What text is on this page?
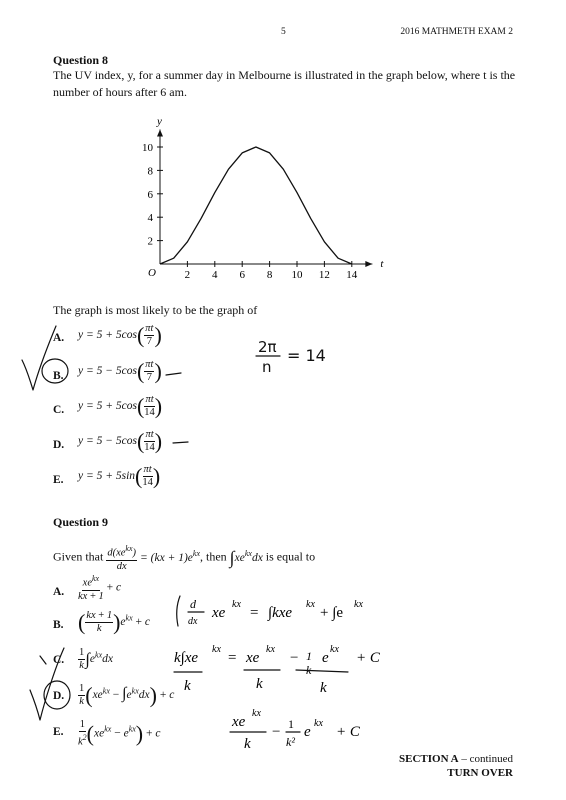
5	2016 MATHMETH EXAM 2
Question 8
The UV index, y, for a summer day in Melbourne is illustrated in the graph below, where t is the number of hours after 6 am.
t
y
O	2 4 6 8 10 12 14
2
4
6
8
10
The graph is most likely to be the graph of
A. $y = 5 + 5\cos( \frac{\pi t}{7}$ )
B. $y = 5 - 5\cos( \frac{\pi t}{7}$ )
C. $y = 5 + 5\cos( \frac{\pi t}{14}$ )
D. $y = 5 - 5\cos( \frac{\pi t}{14}$ )
E. $y = 5 + 5\sin( \frac{\pi t}{14}$ )
2π
n
= 14
Question 9
Given that $\frac{d(xe^{kx})}{dx} = (kx + 1)e^{kx}$, then $\int xe^{kx}dx$ is equal to
A. $\frac{xe^{kx}}{kx + 1} + c$
B. ( $\frac{kx + 1}{k} )e^{kx} + c$
C. $\frac{1}{k} \int e^{kx}dx$
D. $\frac{1}{k} (xe^{kx} - \int e^{kx}dx) + c$
E. $\frac{1}{k^2} (xe^{kx} - e^{kx}) + c$
d
dx
xe
kx
= ∫kxe
kx
+ ∫e
kx
k∫xe
kx
= xe
kx
− 1
k
e
kx
+ C
k	k	k
xe
kx
k
− 1
k²
e
kx
+ C
SECTION A – continued
TURN OVER
